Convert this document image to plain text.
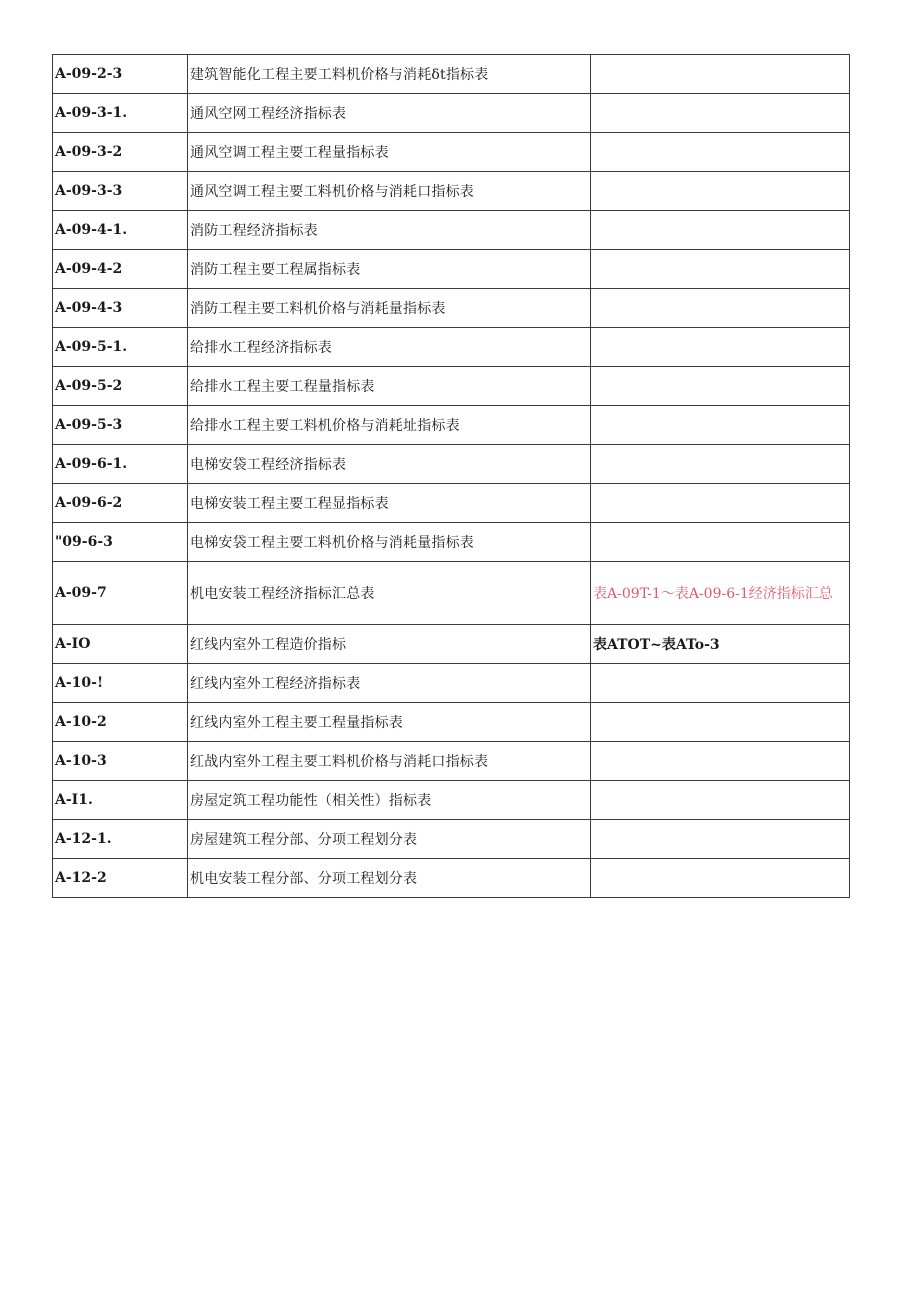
A-09-2-3	建筑智能化工程主要工料机价格与消耗δt指标表	
A-09-3-1.	通风空网工程经济指标表	
A-09-3-2	通风空调工程主要工程量指标表	
A-09-3-3	通风空调工程主要工料机价格与消耗口指标表	
A-09-4-1.	消防工程经济指标表	
A-09-4-2	消防工程主要工程属指标表	
A-09-4-3	消防工程主要工料机价格与消耗量指标表	
A-09-5-1.	给排水工程经济指标表	
A-09-5-2	给排水工程主要工程量指标表	
A-09-5-3	给排水工程主要工料机价格与消耗址指标表	
A-09-6-1.	电梯安袋工程经济指标表	
A-09-6-2	电梯安装工程主要工程显指标表	
"09-6-3	电梯安袋工程主要工料机价格与消耗量指标表	
A-09-7	机电安装工程经济指标汇总表	表A-09T-1～表A-09-6-1经济指标汇总
A-IO	红线内室外工程造价指标	表ATOT~表ATo-3
A-10-!	红线内室外工程经济指标表	
A-10-2	红线内室外工程主要工程量指标表	
A-10-3	红战内室外工程主要工料机价格与消耗口指标表	
A-I1.	房屋定筑工程功能性（相关性）指标表	
A-12-1.	房屋建筑工程分部、分项工程划分表	
A-12-2	机电安装工程分部、分项工程划分表	
